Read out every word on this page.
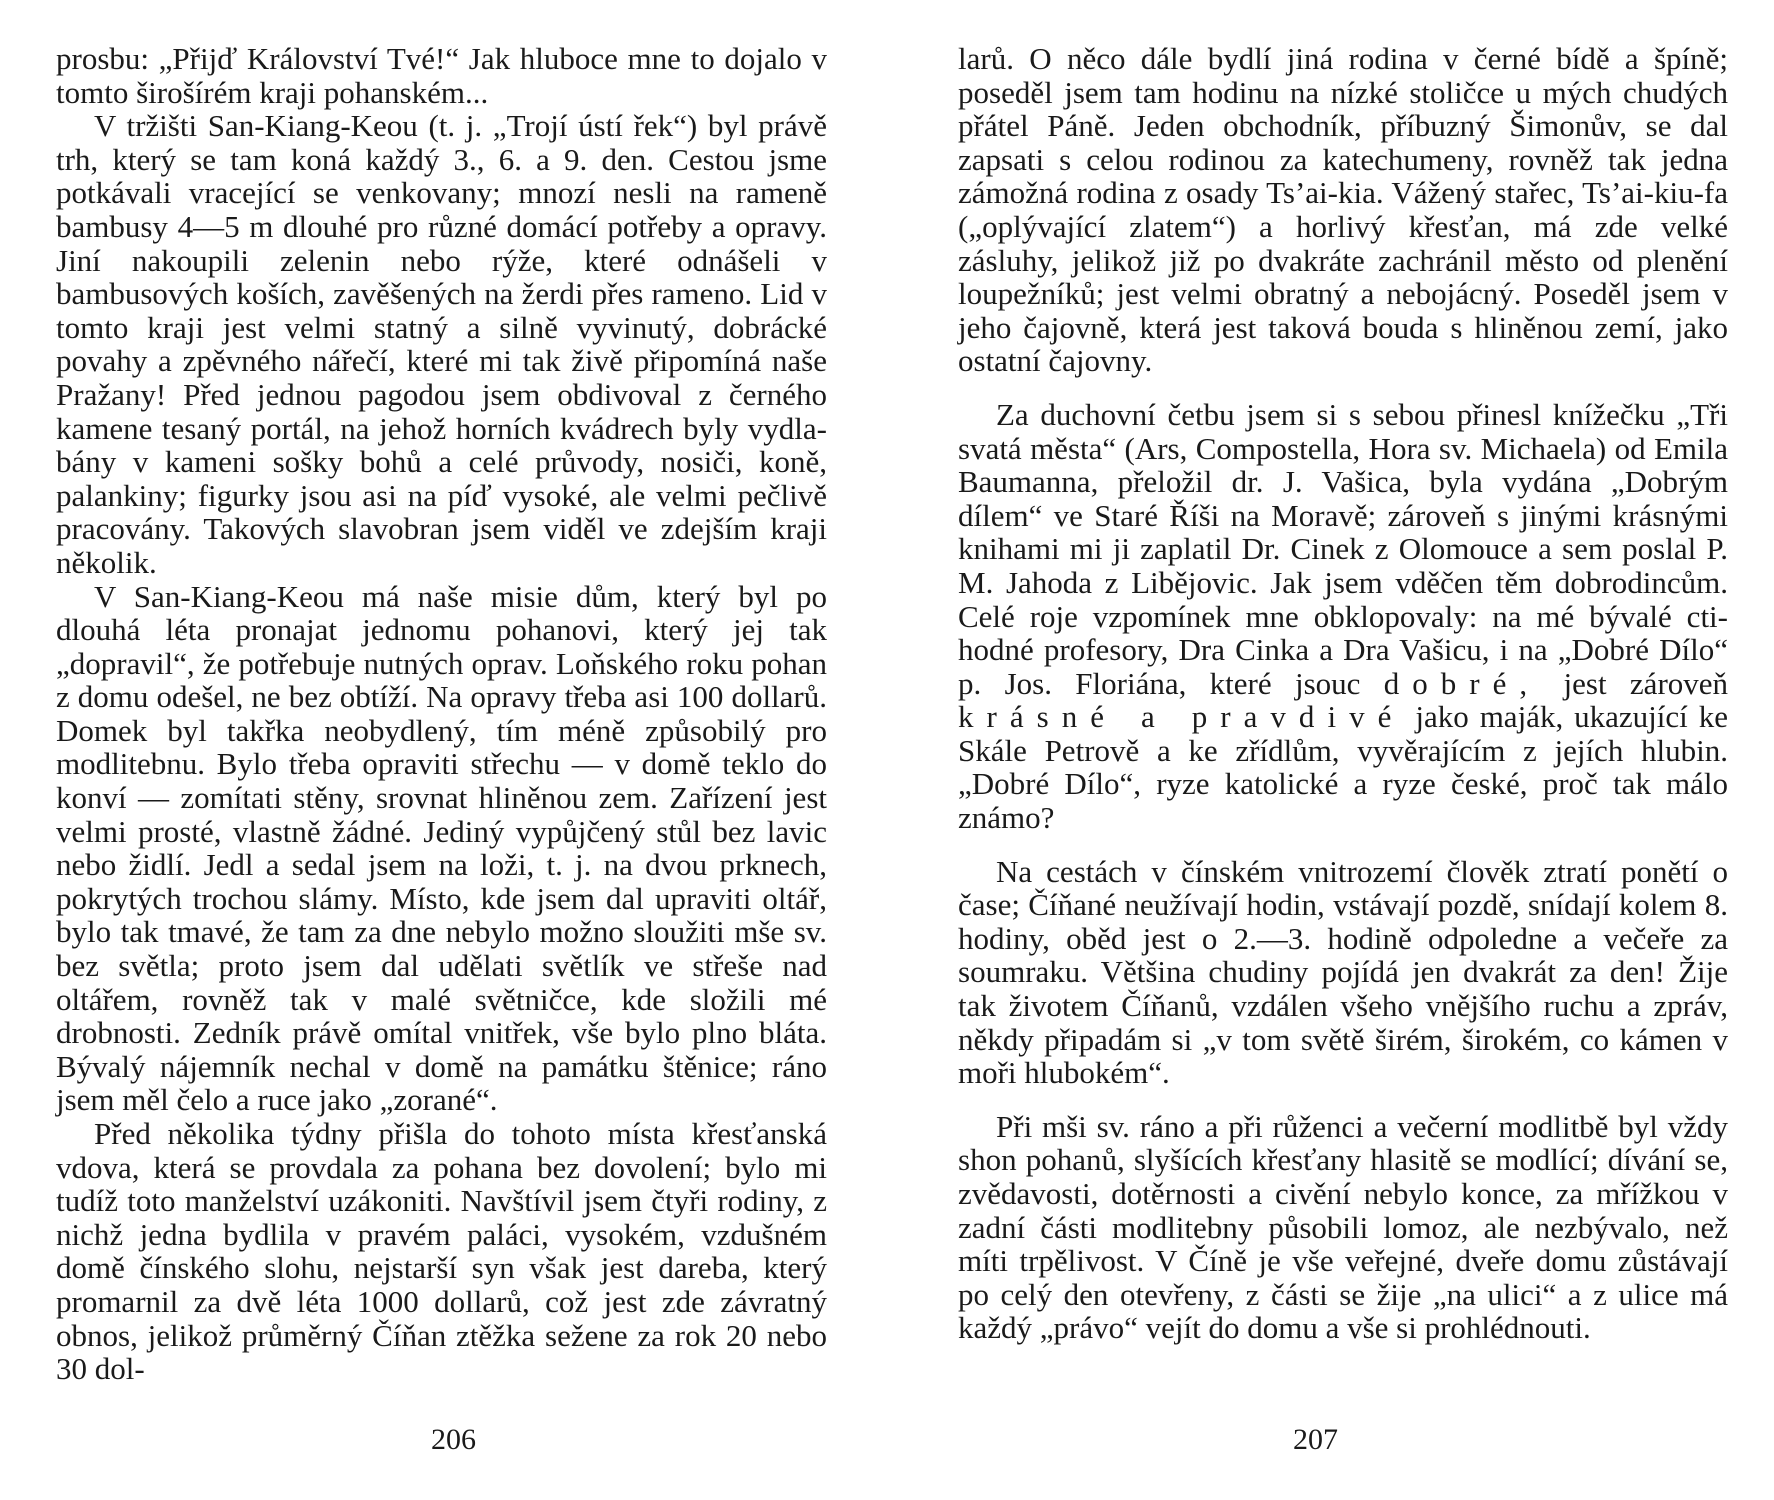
prosbu: „Přijď Království Tvé!“ Jak hluboce mne to dojalo v tomto širošírém kraji pohanském...

V tržišti San-Kiang-Keou (t. j. „Trojí ústí řek“) byl právě trh, který se tam koná každý 3., 6. a 9. den. Cestou jsme potkávali vracející se venkovany; mnozí nesli na rameně bambusy 4—5 m dlouhé pro různé domácí potřeby a opravy. Jiní nakoupili zelenin nebo rýže, které odnášeli v bambusových koších, zavěšených na žerdi přes rameno. Lid v tomto kraji jest velmi statný a silně vyvinutý, dobrácké povahy a zpěvného nářečí, které mi tak živě připomíná naše Pražany! Před jednou pagodou jsem obdivoval z černého kamene tesaný portál, na jehož horních kvádrech byly vydlabány v kameni sošky bohů a celé průvody, nosiči, koně, palankiny; figurky jsou asi na píď vysoké, ale velmi pečlivě pracovány. Takových slavobran jsem viděl ve zdejším kraji několik.

V San-Kiang-Keou má naše misie dům, který byl po dlouhá léta pronajat jednomu pohanovi, který jej tak „dopravil“, že potřebuje nutných oprav. Loňského roku pohan z domu odešel, ne bez obtíží. Na opravy třeba asi 100 dollarů. Domek byl takřka neobydlený, tím méně způsobilý pro modlitebnu. Bylo třeba opraviti střechu — v domě teklo do konví — zomítati stěny, srovnat hliněnou zem. Zařízení jest velmi prosté, vlastně žádné. Jediný vypůjčený stůl bez lavic nebo židlí. Jedl a sedal jsem na loži, t. j. na dvou prknech, pokrytých trochou slámy. Místo, kde jsem dal upraviti oltář, bylo tak tmavé, že tam za dne nebylo možno sloužiti mše sv. bez světla; proto jsem dal udělati světlík ve střeše nad oltářem, rovněž tak v malé světničce, kde složili mé drobnosti. Zedník právě omítal vnitřek, vše bylo plno bláta. Bývalý nájemník nechal v domě na památku štěnice; ráno jsem měl čelo a ruce jako „zorané“.

Před několika týdny přišla do tohoto místa křesťanská vdova, která se provdala za pohana bez dovolení; bylo mi tudíž toto manželství uzákoniti. Navštívil jsem čtyři rodiny, z nichž jedna bydlila v pravém paláci, vysokém, vzdušném domě čínského slohu, nejstarší syn však jest dareba, který promarnil za dvě léta 1000 dollarů, což jest zde závratný obnos, jelikož průměrný Číňan ztěžka sežene za rok 20 nebo 30 dol-

206

larů. O něco dále bydlí jiná rodina v černé bídě a špíně; poseděl jsem tam hodinu na nízké stoličce u mých chudých přátel Páně. Jeden obchodník, příbuzný Šimonův, se dal zapsati s celou rodinou za katechumeny, rovněž tak jedna zámožná rodina z osady Ts’ai-kia. Vážený stařec, Ts’ai-kiu-fa („oplývající zlatem“) a horlivý křesťan, má zde velké zásluhy, jelikož již po dvakráte zachránil město od plenění loupežníků; jest velmi obratný a nebojácný. Poseděl jsem v jeho čajovně, která jest taková bouda s hliněnou zemí, jako ostatní čajovny.

Za duchovní četbu jsem si s sebou přinesl knížečku „Tři svatá města“ (Ars, Compostella, Hora sv. Michaela) od Emila Baumanna, přeložil dr. J. Vašica, byla vydána „Dobrým dílem“ ve Staré Říši na Moravě; zároveň s jinými krásnými knihami mi ji zaplatil Dr. Cinek z Olomouce a sem poslal P. M. Jahoda z Libějovic. Jak jsem vděčen těm dobrodincům. Celé roje vzpomínek mne obklopovaly: na mé bývalé ctihodné profesory, Dra Cinka a Dra Vašicu, i na „Dobré Dílo“ p. Jos. Floriána, které jsouc dobré, jest zároveň krásné a pravdivé jako maják, ukazující ke Skále Petrově a ke zřídlům, vyvěrajícím z jejích hlubin. „Dobré Dílo“, ryze katolické a ryze české, proč tak málo známo?

Na cestách v čínském vnitrozemí člověk ztratí ponětí o čase; Číňané neužívají hodin, vstávají pozdě, snídají kolem 8. hodiny, oběd jest o 2.—3. hodině odpoledne a večeře za soumraku. Většina chudiny pojídá jen dvakrát za den! Žije tak životem Číňanů, vzdálen všeho vnějšího ruchu a zpráv, někdy připadám si „v tom světě širém, širokém, co kámen v moři hlubokém“.

Při mši sv. ráno a při růženci a večerní modlitbě byl vždy shon pohanů, slyšících křesťany hlasitě se modlící; dívání se, zvědavosti, dotěrnosti a civění nebylo konce, za mřížkou v zadní části modlitebny působili lomoz, ale nezbývalo, než míti trpělivost. V Číně je vše veřejné, dveře domu zůstávají po celý den otevřeny, z části se žije „na ulici“ a z ulice má každý „právo“ vejít do domu a vše si prohlédnouti.

207
